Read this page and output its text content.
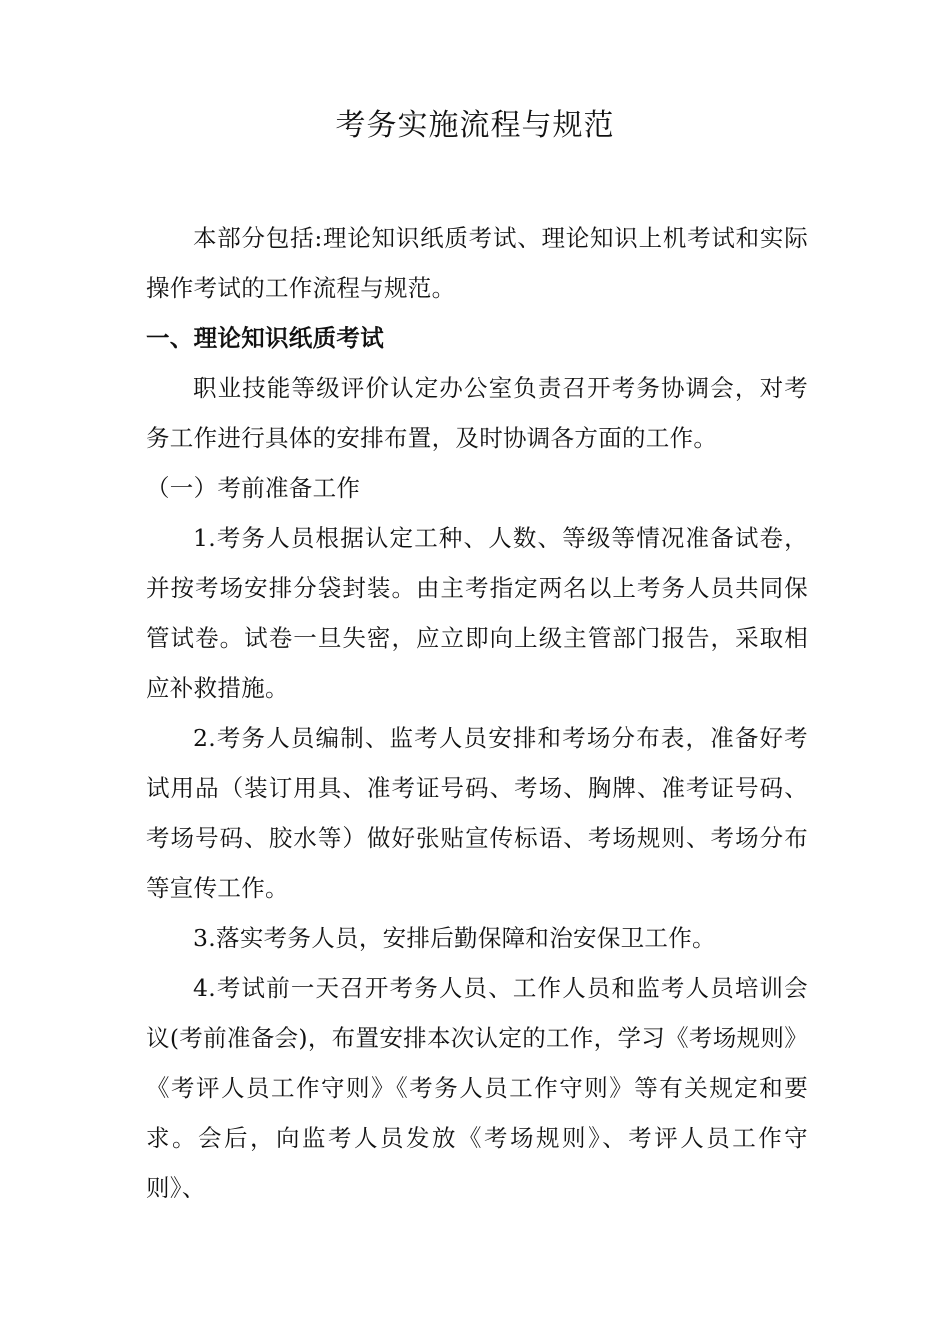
考务实施流程与规范

本部分包括:理论知识纸质考试、理论知识上机考试和实际操作考试的工作流程与规范。

一、理论知识纸质考试

职业技能等级评价认定办公室负责召开考务协调会，对考务工作进行具体的安排布置，及时协调各方面的工作。

（一）考前准备工作

1.考务人员根据认定工种、人数、等级等情况准备试卷，并按考场安排分袋封装。由主考指定两名以上考务人员共同保管试卷。试卷一旦失密，应立即向上级主管部门报告，采取相应补救措施。

2.考务人员编制、监考人员安排和考场分布表，准备好考试用品（装订用具、准考证号码、考场、胸牌、准考证号码、考场号码、胶水等）做好张贴宣传标语、考场规则、考场分布等宣传工作。

3.落实考务人员，安排后勤保障和治安保卫工作。

4.考试前一天召开考务人员、工作人员和监考人员培训会议(考前准备会)，布置安排本次认定的工作，学习《考场规则》《考评人员工作守则》《考务人员工作守则》等有关规定和要求。会后，向监考人员发放《考场规则》、考评人员工作守则》、
